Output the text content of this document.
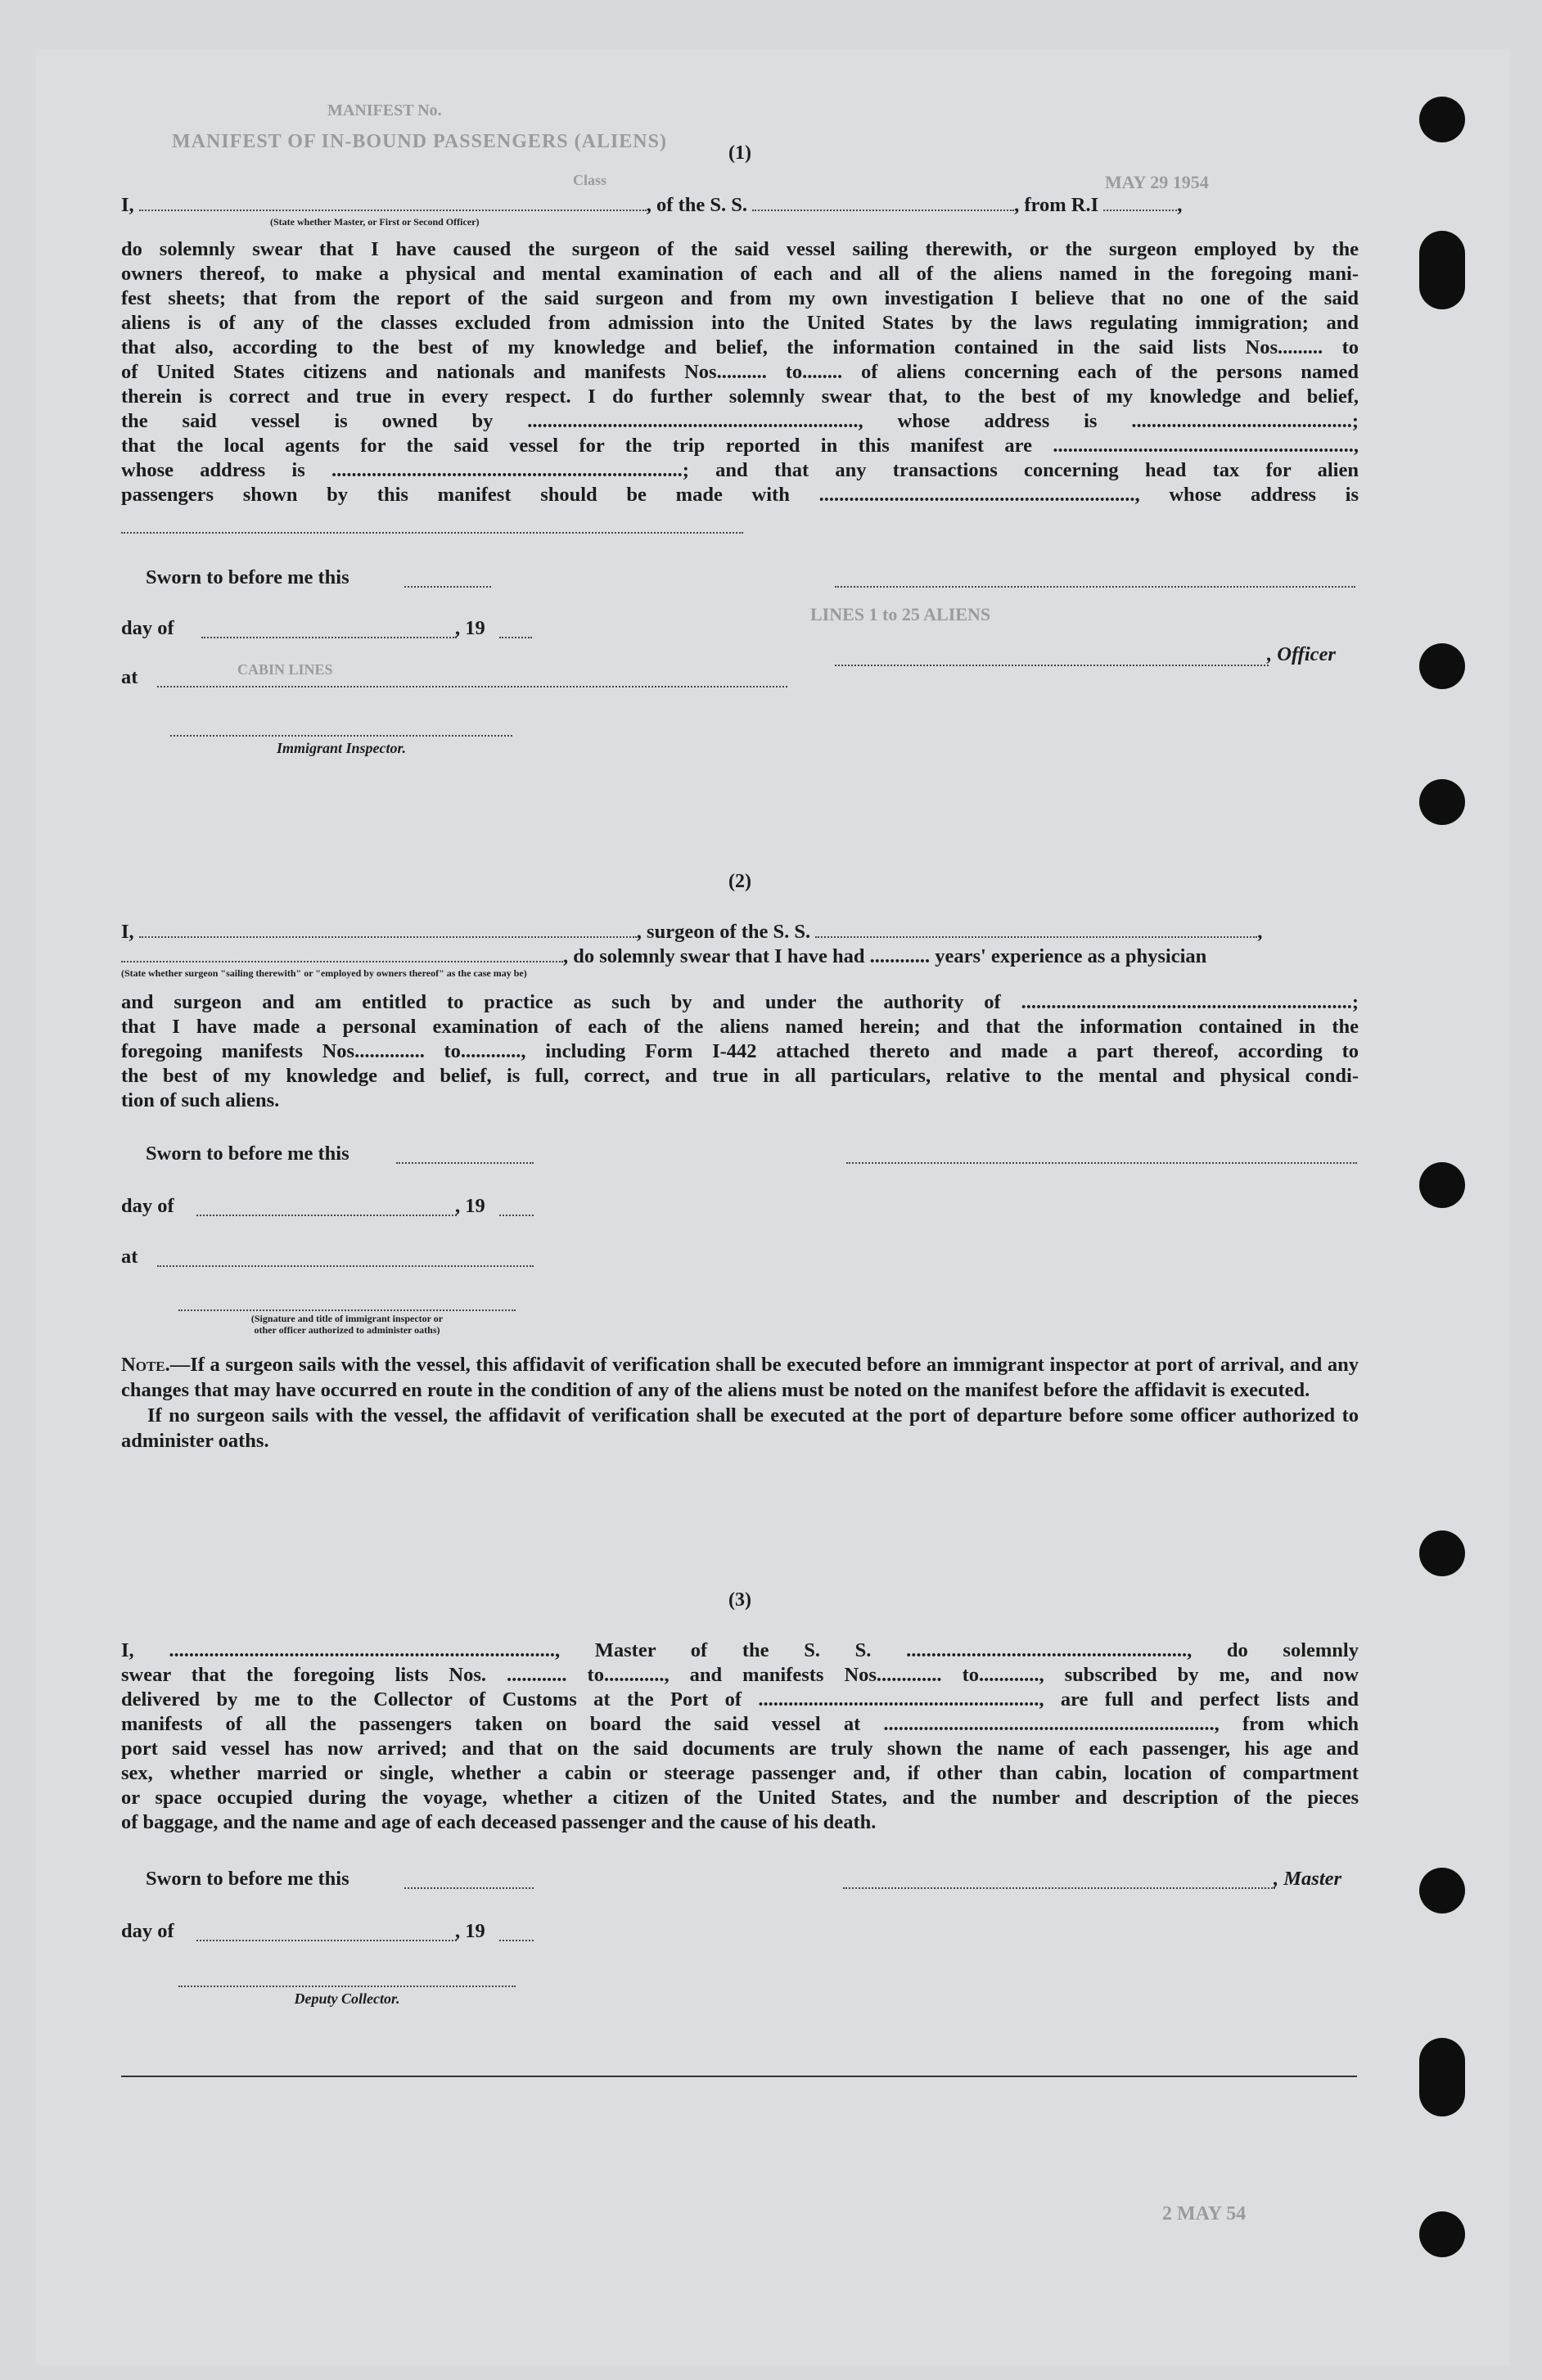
MANIFEST No.
MANIFEST OF IN-BOUND PASSENGERS (ALIENS)
Class	MAY 29 1954
LINES 1 to 25 ALIENS
CABIN LINES
2 MAY 54

(1)

I,	, of the S. S.	, from R.I	,
(State whether Master, or First or Second Officer)
do solemnly swear that I have caused the surgeon of the said vessel sailing therewith, or the surgeon employed by the
owners thereof, to make a physical and mental examination of each and all of the aliens named in the foregoing mani-
fest sheets; that from the report of the said surgeon and from my own investigation I believe that no one of the said
aliens is of any of the classes excluded from admission into the United States by the laws regulating immigration; and
that also, according to the best of my knowledge and belief, the information contained in the said lists Nos......... to
of United States citizens and nationals and manifests Nos.......... to........ of aliens concerning each of the persons named
therein is correct and true in every respect. I do further solemnly swear that, to the best of my knowledge and belief,
the said vessel is owned by .................................................................., whose address is ............................................;
that the local agents for the said vessel for the trip reported in this manifest are ............................................................,
whose address is ......................................................................; and that any transactions concerning head tax for alien
passengers shown by this manifest should be made with ..............................................................., whose address is
Sworn to before me this
day of	, 19
at
, Officer
Immigrant Inspector.

(2)

I,	, surgeon of the S. S.	,
, do solemnly swear that I have had ............ years' experience as a physician
(State whether surgeon "sailing therewith" or "employed by owners thereof" as the case may be)
and surgeon and am entitled to practice as such by and under the authority of ..................................................................;
that I have made a personal examination of each of the aliens named herein; and that the information contained in the
foregoing manifests Nos.............. to............, including Form I-442 attached thereto and made a part thereof, according to
the best of my knowledge and belief, is full, correct, and true in all particulars, relative to the mental and physical condi-
tion of such aliens.
Sworn to before me this
day of	, 19
at
(Signature and title of immigrant inspector or
other officer authorized to administer oaths)
Note.—If a surgeon sails with the vessel, this affidavit of verification shall be executed before an immigrant inspector at port of arrival, and any changes that may have occurred en route in the condition of any of the aliens must be noted on the manifest before the affidavit is executed.
If no surgeon sails with the vessel, the affidavit of verification shall be executed at the port of departure before some officer authorized to administer oaths.

(3)

I, ............................................................................., Master of the S. S. ........................................................, do solemnly
swear that the foregoing lists Nos. ............ to............, and manifests Nos............. to............, subscribed by me, and now
delivered by me to the Collector of Customs at the Port of ........................................................, are full and perfect lists and
manifests of all the passengers taken on board the said vessel at .................................................................., from which
port said vessel has now arrived; and that on the said documents are truly shown the name of each passenger, his age and
sex, whether married or single, whether a cabin or steerage passenger and, if other than cabin, location of compartment
or space occupied during the voyage, whether a citizen of the United States, and the number and description of the pieces
of baggage, and the name and age of each deceased passenger and the cause of his death.
Sworn to before me this	, Master
day of	, 19
Deputy Collector.
